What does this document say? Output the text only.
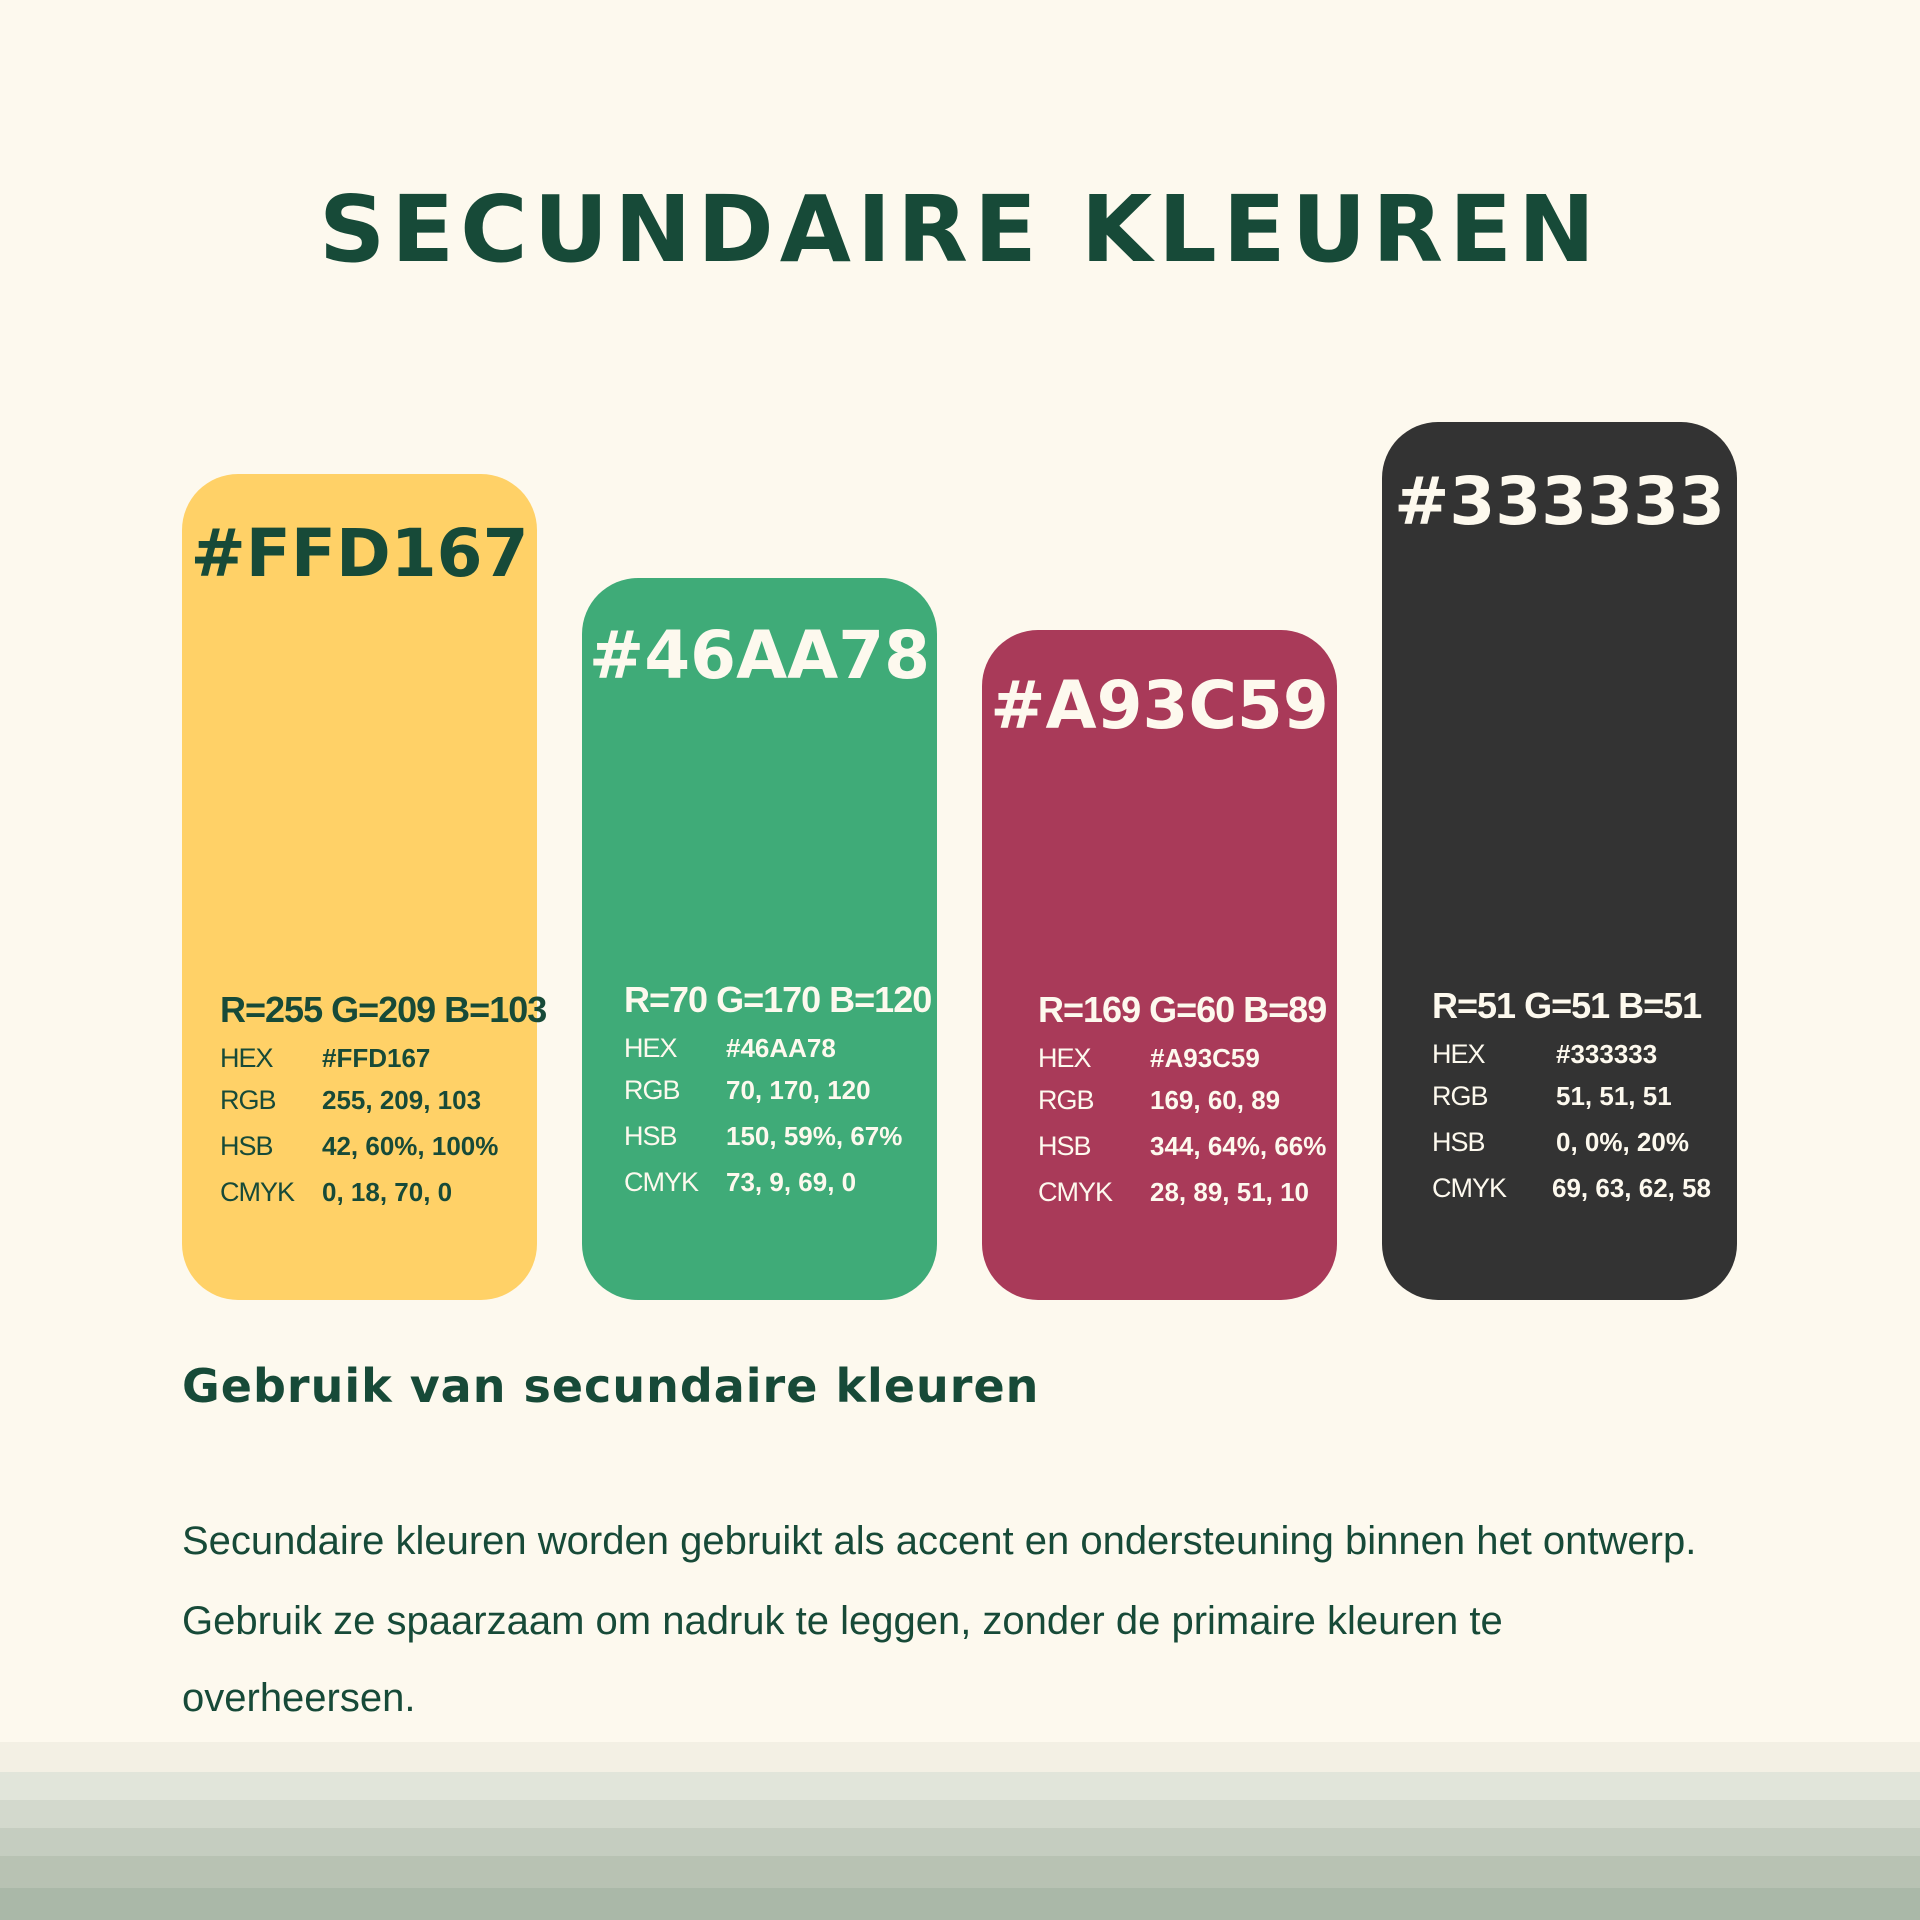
SECUNDAIRE KLEUREN
#FFD167
R=255 G=209 B=103
HEX #FFD167
RGB 255, 209, 103
HSB 42, 60%, 100%
CMYK 0, 18, 70, 0
#46AA78
R=70 G=170 B=120
HEX #46AA78
RGB 70, 170, 120
HSB 150, 59%, 67%
CMYK 73, 9, 69, 0
#A93C59
R=169 G=60 B=89
HEX #A93C59
RGB 169, 60, 89
HSB 344, 64%, 66%
CMYK 28, 89, 51, 10
#333333
R=51 G=51 B=51
HEX	#333333
RGB	51, 51, 51
HSB	0, 0%, 20%
CMYK 69, 63, 62, 58
Gebruik van secundaire kleuren
Secundaire kleuren worden gebruikt als accent en ondersteuning binnen het ontwerp.
Gebruik ze spaarzaam om nadruk te leggen, zonder de primaire kleuren te
overheersen.
